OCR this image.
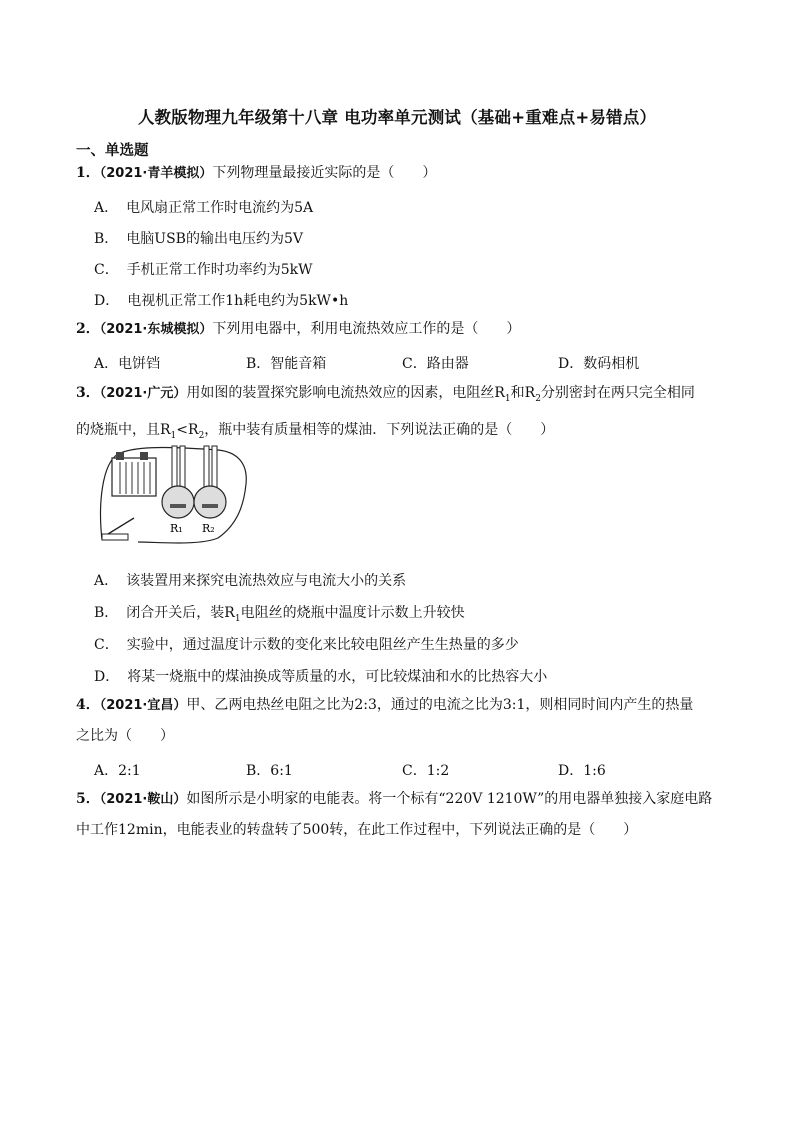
人教版物理九年级第十八章 电功率单元测试（基础+重难点+易错点）
一、单选题
1．（2021·青羊模拟）下列物理量最接近实际的是（　　）
A． 电风扇正常工作时电流约为5A
B． 电脑USB的输出电压约为5V
C． 手机正常工作时功率约为5kW
D． 电视机正常工作1h耗电约为5kW•h
2．（2021·东城模拟）下列用电器中，利用电流热效应工作的是（　　）
A．电饼铛	B．智能音箱	C．路由器	D．数码相机
3．（2021·广元）用如图的装置探究影响电流热效应的因素，电阻丝$R_1$和$R_2$分别密封在两只完全相同
的烧瓶中，且$R_1<R_2$，瓶中装有质量相等的煤油．下列说法正确的是（　　）
R₁ R₂
A． 该装置用来探究电流热效应与电流大小的关系
B． 闭合开关后，装$R_1$电阻丝的烧瓶中温度计示数上升较快
C． 实验中，通过温度计示数的变化来比较电阻丝产生生热量的多少
D． 将某一烧瓶中的煤油换成等质量的水，可比较煤油和水的比热容大小
4．（2021·宜昌）甲、乙两电热丝电阻之比为2:3，通过的电流之比为3:1，则相同时间内产生的热量
之比为（　　）
A．2:1	B．6:1	C．1:2	D．1:6
5．（2021·鞍山）如图所示是小明家的电能表。将一个标有“220V 1210W”的用电器单独接入家庭电路
中工作12min，电能表业的转盘转了500转，在此工作过程中，下列说法正确的是（　　）
